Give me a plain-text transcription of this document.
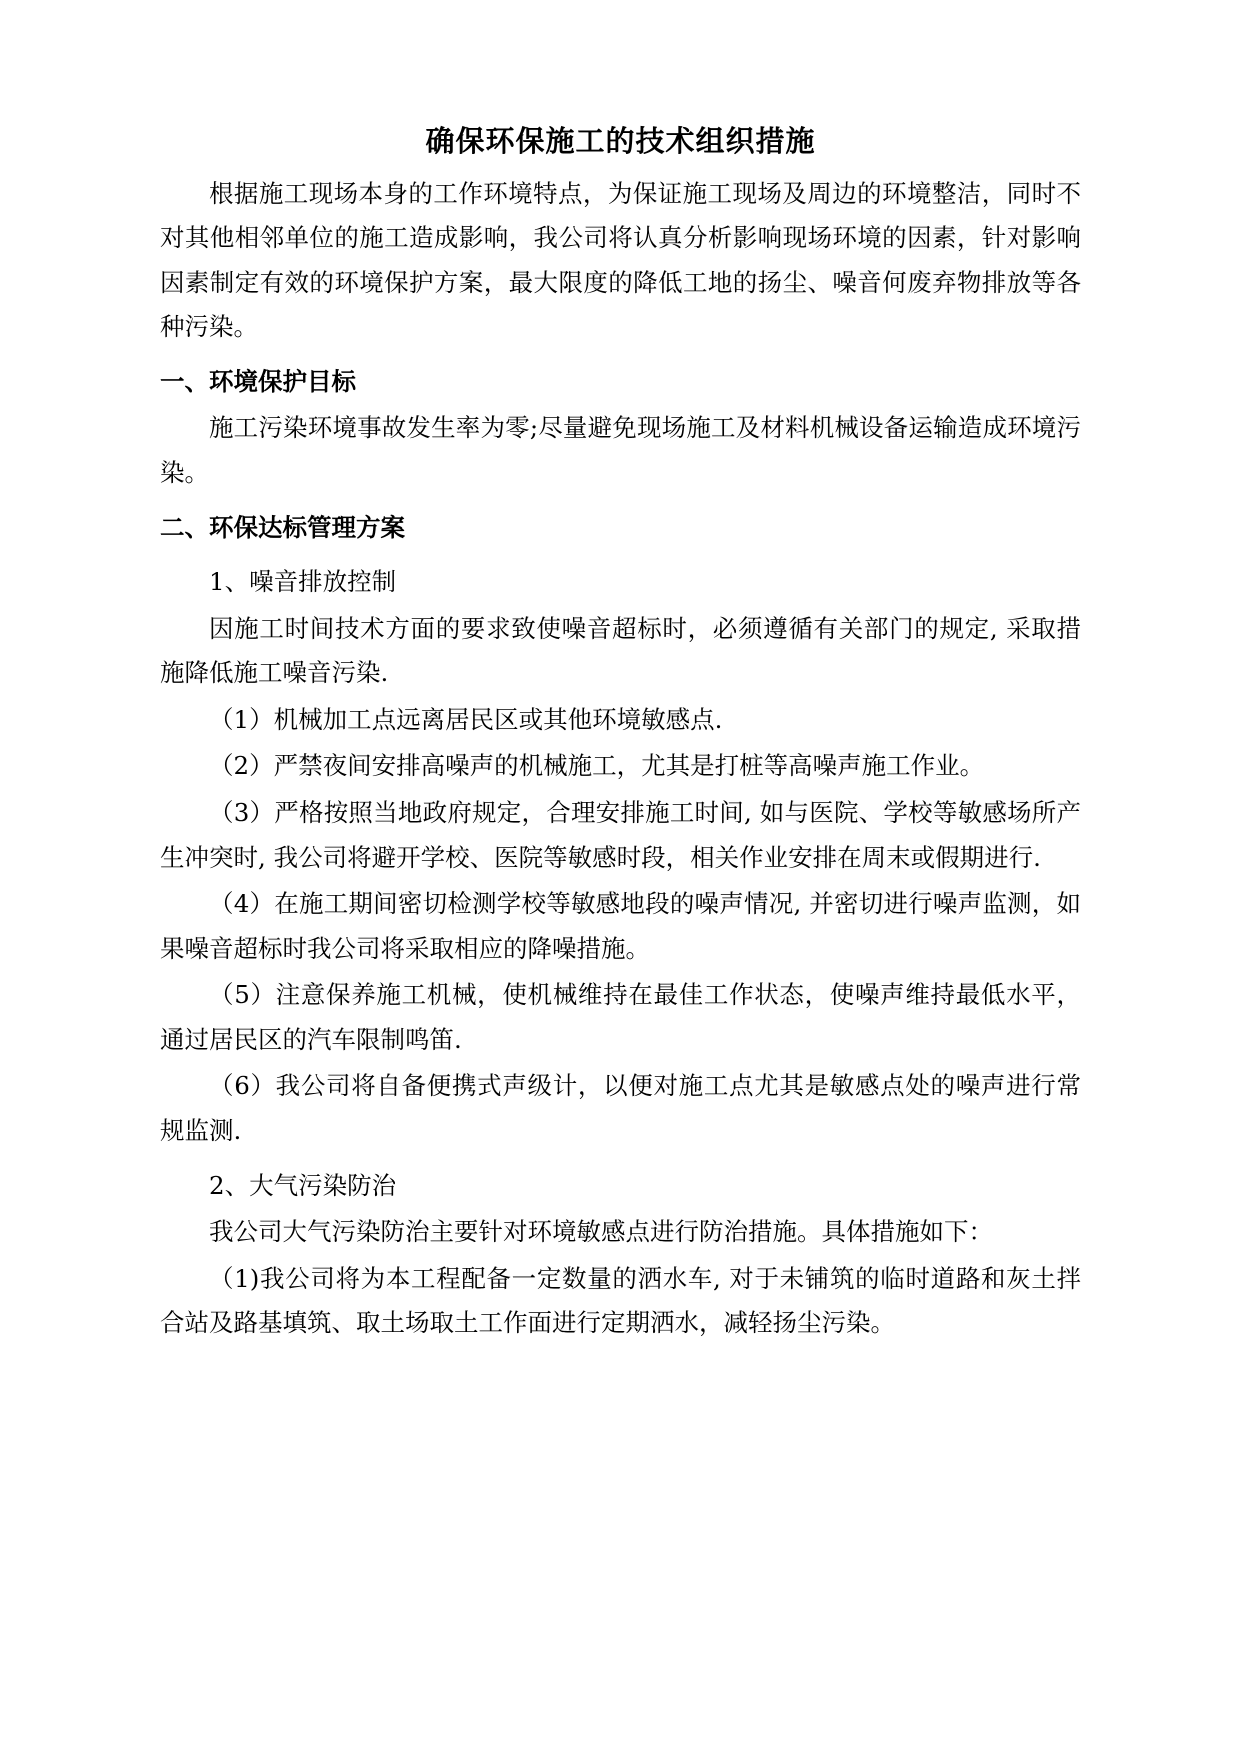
确保环保施工的技术组织措施

根据施工现场本身的工作环境特点，为保证施工现场及周边的环境整洁，同时不对其他相邻单位的施工造成影响，我公司将认真分析影响现场环境的因素，针对影响因素制定有效的环境保护方案，最大限度的降低工地的扬尘、噪音何废弃物排放等各种污染。

一、环境保护目标

施工污染环境事故发生率为零;尽量避免现场施工及材料机械设备运输造成环境污染。

二、环保达标管理方案

1、噪音排放控制

因施工时间技术方面的要求致使噪音超标时，必须遵循有关部门的规定, 采取措施降低施工噪音污染.

（1）机械加工点远离居民区或其他环境敏感点.

（2）严禁夜间安排高噪声的机械施工，尤其是打桩等高噪声施工作业。

（3）严格按照当地政府规定，合理安排施工时间, 如与医院、学校等敏感场所产生冲突时, 我公司将避开学校、医院等敏感时段，相关作业安排在周末或假期进行.

（4）在施工期间密切检测学校等敏感地段的噪声情况, 并密切进行噪声监测，如果噪音超标时我公司将采取相应的降噪措施。

（5）注意保养施工机械，使机械维持在最佳工作状态，使噪声维持最低水平，通过居民区的汽车限制鸣笛.

（6）我公司将自备便携式声级计，以便对施工点尤其是敏感点处的噪声进行常规监测.

2、大气污染防治

我公司大气污染防治主要针对环境敏感点进行防治措施。具体措施如下：

（1)我公司将为本工程配备一定数量的洒水车, 对于未铺筑的临时道路和灰土拌合站及路基填筑、取土场取土工作面进行定期洒水，减轻扬尘污染。
